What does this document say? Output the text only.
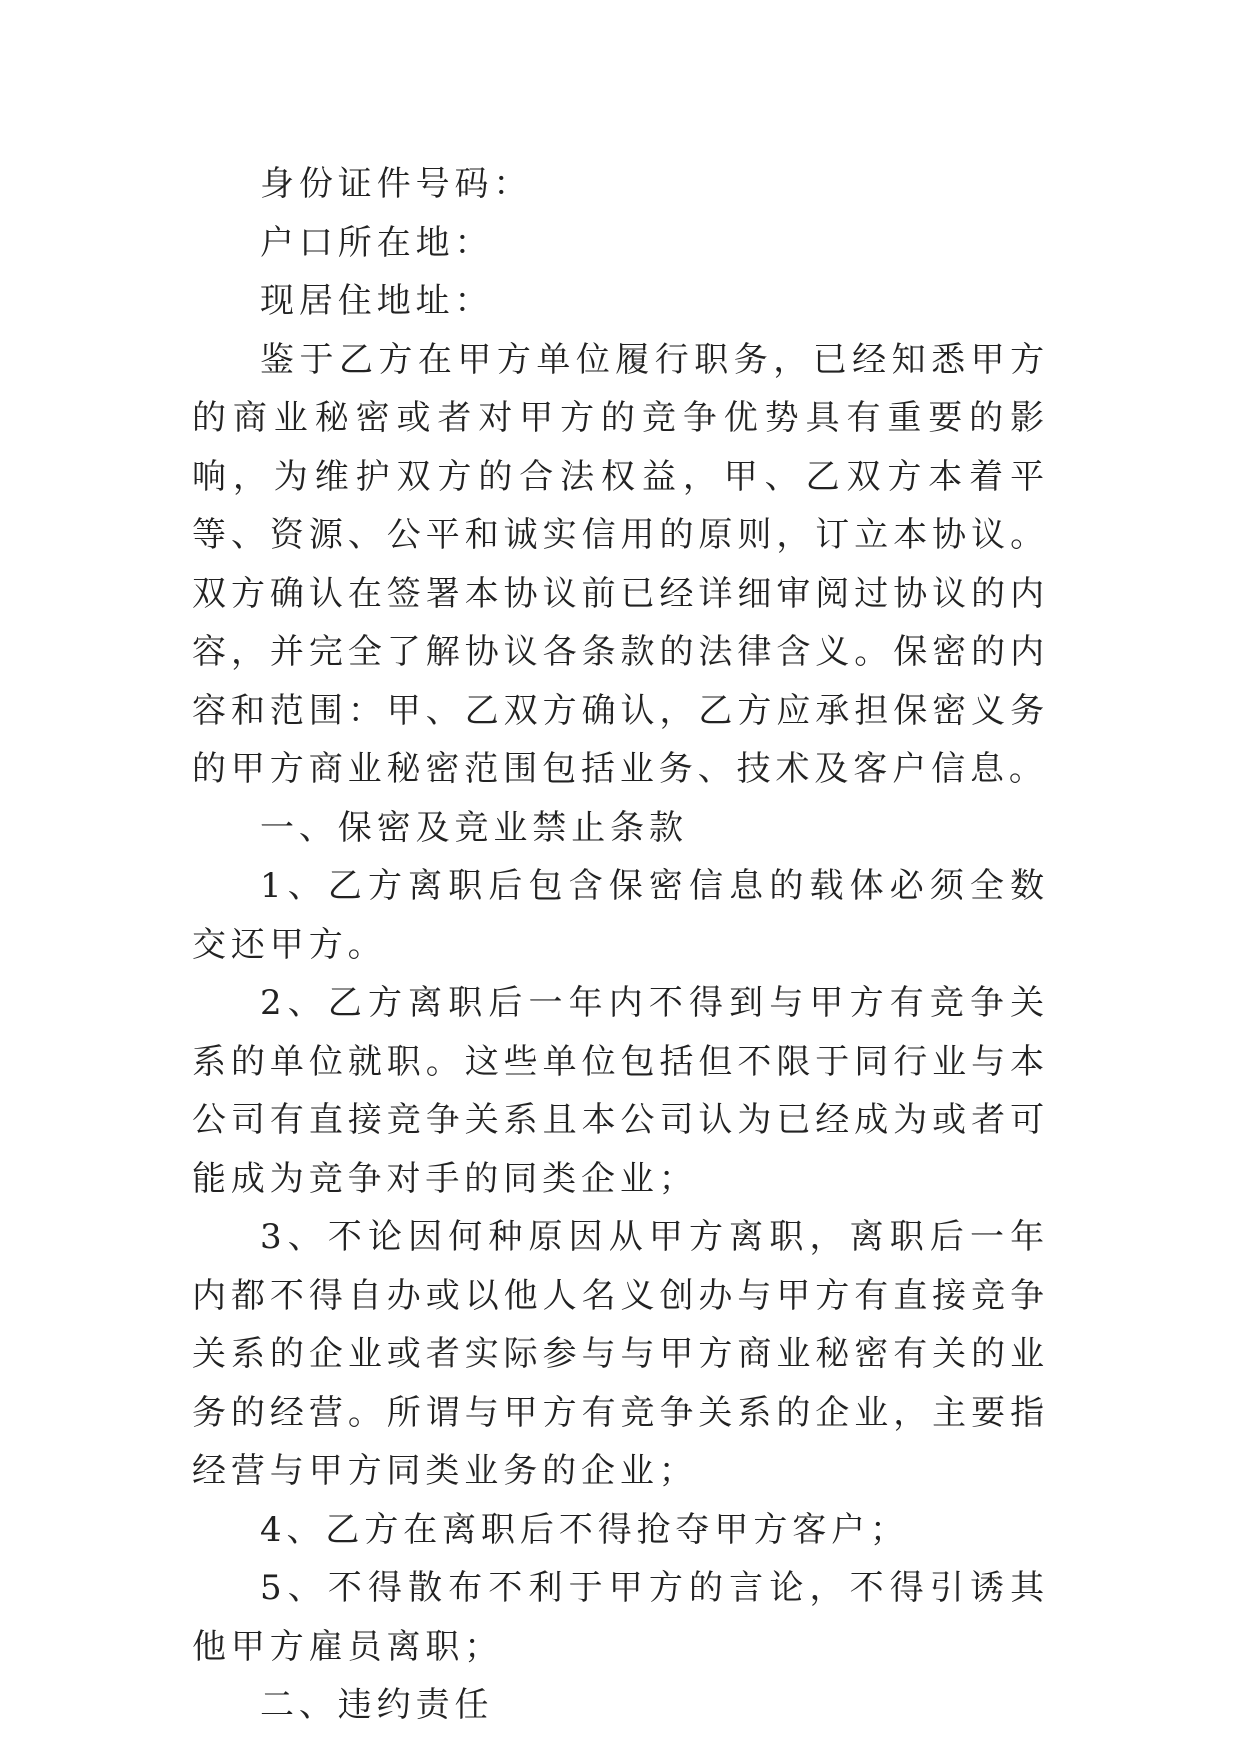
身份证件号码：

户口所在地：

现居住地址：

鉴于乙方在甲方单位履行职务，已经知悉甲方的商业秘密或者对甲方的竞争优势具有重要的影响，为维护双方的合法权益，甲、乙双方本着平等、资源、公平和诚实信用的原则，订立本协议。双方确认在签署本协议前已经详细审阅过协议的内容，并完全了解协议各条款的法律含义。保密的内容和范围：甲、乙双方确认，乙方应承担保密义务的甲方商业秘密范围包括业务、技术及客户信息。

一、保密及竞业禁止条款

1、乙方离职后包含保密信息的载体必须全数交还甲方。

2、乙方离职后一年内不得到与甲方有竞争关系的单位就职。这些单位包括但不限于同行业与本公司有直接竞争关系且本公司认为已经成为或者可能成为竞争对手的同类企业；

3、不论因何种原因从甲方离职，离职后一年内都不得自办或以他人名义创办与甲方有直接竞争关系的企业或者实际参与与甲方商业秘密有关的业务的经营。所谓与甲方有竞争关系的企业，主要指经营与甲方同类业务的企业；

4、乙方在离职后不得抢夺甲方客户；

5、不得散布不利于甲方的言论，不得引诱其他甲方雇员离职；

二、违约责任
